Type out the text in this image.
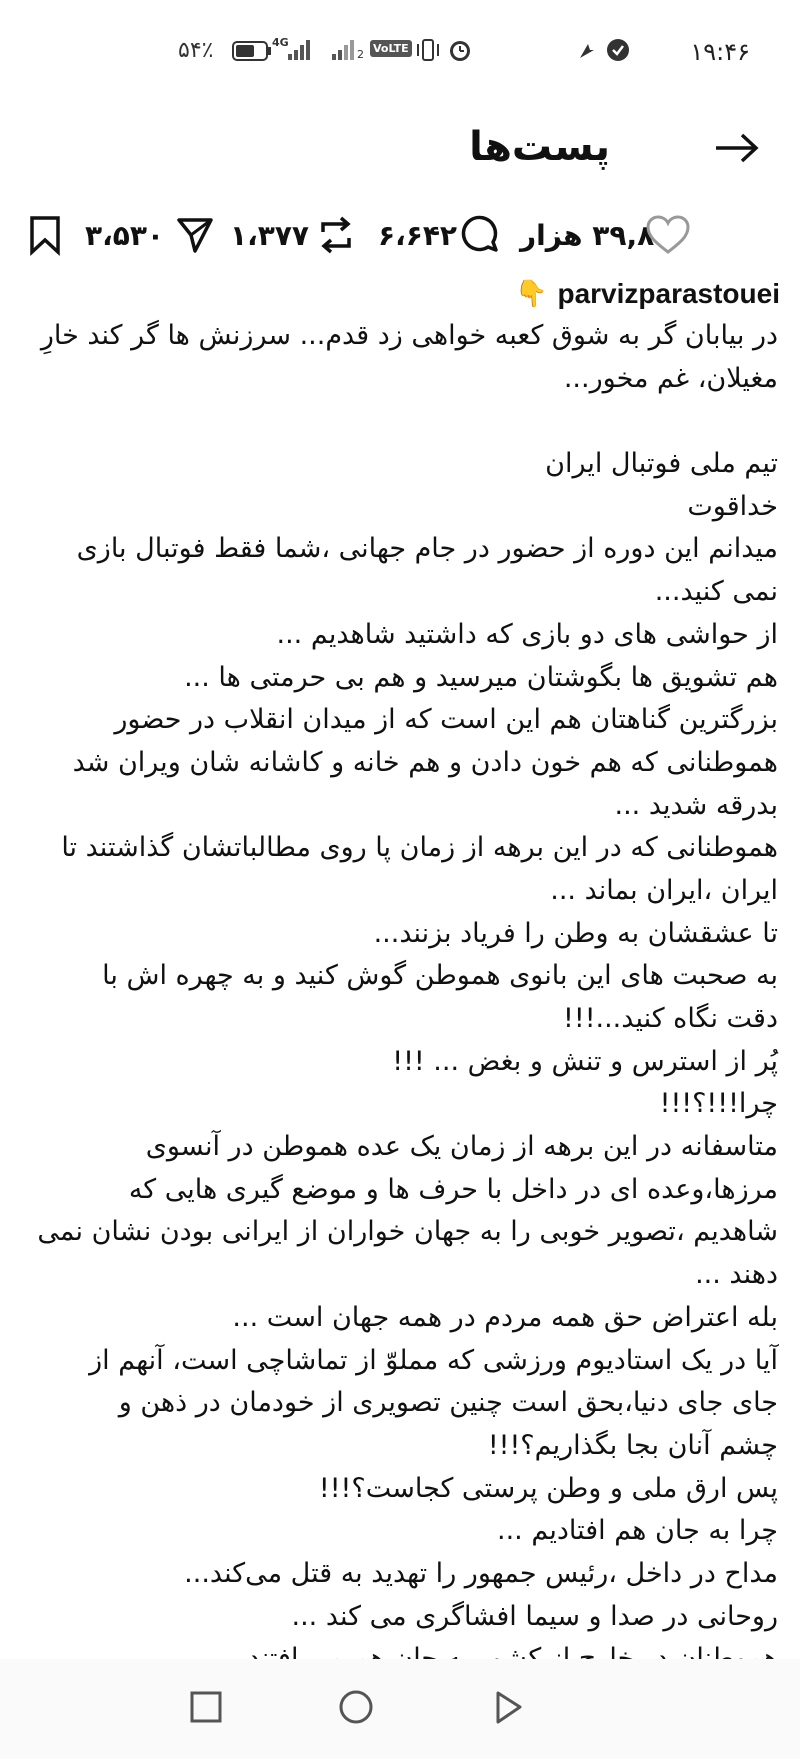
۵۴٪	4G
2 VoLTE	۱۹:۴۶
پست‌ها
۳،۵۳۰ ۱،۳۷۷ ۶،۶۴۲ ۳۹,۸ هزار
👇 parvizparastouei
در بیابان گر به شوق کعبه خواهی زد قدم... سرزنش ها گر کند خارِ
مغیلان، غم مخور...
تیم ملی فوتبال ایران
خداقوت
میدانم این دوره از حضور در جام جهانی ،شما فقط فوتبال بازی
نمی کنید...
از حواشی های دو بازی که داشتید شاهدیم ...
هم تشویق ها بگوشتان میرسید و هم بی حرمتی ها ...
بزرگترین گناهتان هم این است که از میدان انقلاب در حضور
هموطنانی که هم خون دادن و هم خانه و کاشانه شان ویران شد
بدرقه شدید ...
هموطنانی که در این برهه از زمان پا روی مطالباتشان گذاشتند تا
ایران ،ایران بماند ...
تا عشقشان به وطن را فریاد بزنند...
به صحبت های این بانوی هموطن گوش کنید و به چهره اش با
دقت نگاه کنید...!!!
پُر از استرس و تنش و بغض ... !!!
چرا!!!؟!!!
متاسفانه در این برهه از زمان یک عده هموطن در آنسوی
مرزها،وعده ای در داخل با حرف ها و موضع گیری هایی که
شاهدیم ،تصویر خوبی را به جهان خواران از ایرانی بودن نشان نمی
دهند ...
بله اعتراض حق همه مردم در همه جهان است ...
آیا در یک استادیوم ورزشی که مملوّ از تماشاچی است، آنهم از
جای جای دنیا،بحق است چنین تصویری از خودمان در ذهن و
چشم آنان بجا بگذاریم؟!!!
پس ارق ملی و وطن پرستی کجاست؟!!!
چرا به جان هم افتادیم ...
مداح در داخل ،رئیس جمهور را تهدید به قتل می‌کند...
روحانی در صدا و سیما افشاگری می کند ...
